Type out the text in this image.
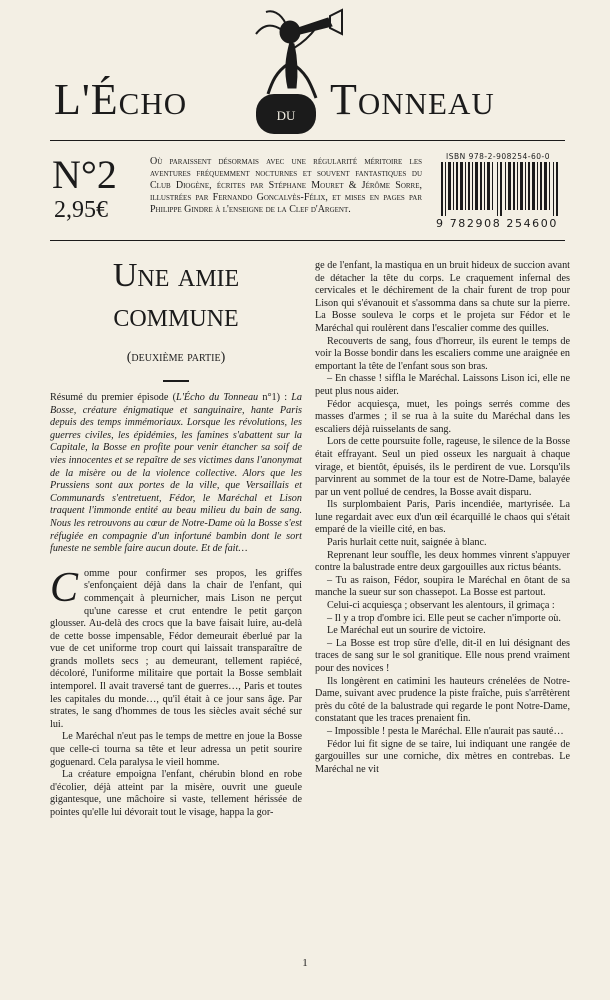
L'Écho	du Tonneau
N°2
2,95€
Où paraissent désormais avec une régularité méritoire les aventures fréquemment nocturnes et souvent fantastiques du Club Diogène, écrites par Stéphane Mouret & Jérôme Sorre, illustrées par Fernando Goncalvès-Félix, et mises en pages par Philippe Gindre à l'enseigne de la Clef d'Argent.
ISBN 978-2-908254-60-0
9 782908 254600
Une amie commune

(deuxième partie)

Résumé du premier épisode (L'Écho du Tonneau n°1) : La Bosse, créature énigmatique et sanguinaire, hante Paris depuis des temps immémoriaux. Lorsque les révolutions, les guerres civiles, les épidémies, les famines s'abattent sur la Capitale, la Bosse en profite pour venir étancher sa soif de vies innocentes et se repaître de ses victimes dans l'anonymat de la misère ou de la violence collective. Alors que les Prussiens sont aux portes de la ville, que Versaillais et Communards s'entretuent, Fédor, le Maréchal et Lison traquent l'immonde entité au beau milieu du bain de sang. Nous les retrouvons au cœur de Notre-Dame où la Bosse s'est réfugiée en compagnie d'un infortuné bambin dont le sort funeste ne semble faire aucun doute. Et de fait…

Comme pour confirmer ses propos, les griffes s'enfonçaient déjà dans la chair de l'enfant, qui commençait à pleurnicher, mais Lison ne perçut qu'une caresse et crut entendre le petit garçon glousser. Au-delà des crocs que la bave faisait luire, au-delà de cette bosse impensable, Fédor demeurait éberlué par la vue de cet uniforme trop court qui laissait transparaître de grands mollets secs ; au demeurant, tellement rapiécé, décoloré, l'uniforme militaire que portait la Bosse semblait intemporel. Il avait traversé tant de guerres…, Paris et toutes les capitales du monde…, qu'il était à ce jour sans âge. Par strates, le sang d'hommes de tous les siècles avait séché sur lui.

Le Maréchal n'eut pas le temps de mettre en joue la Bosse que celle-ci tourna sa tête et leur adressa un petit sourire goguenard. Cela paralysa le vieil homme.

La créature empoigna l'enfant, chérubin blond en robe d'écolier, déjà atteint par la misère, ouvrit une gueule gigantesque, une mâchoire si vaste, tellement hérissée de pointes qu'elle lui dévorait tout le visage, happa la gor-

ge de l'enfant, la mastiqua en un bruit hideux de succion avant de détacher la tête du corps. Le craquement infernal des cervicales et le déchirement de la chair furent de trop pour Lison qui s'évanouit et s'assomma dans sa chute sur la pierre. La Bosse souleva le corps et le projeta sur Fédor et le Maréchal qui roulèrent dans l'escalier comme des quilles.

Recouverts de sang, fous d'horreur, ils eurent le temps de voir la Bosse bondir dans les escaliers comme une araignée en emportant la tête de l'enfant sous son bras.

– En chasse ! siffla le Maréchal. Laissons Lison ici, elle ne peut plus nous aider.

Fédor acquiesça, muet, les poings serrés comme des masses d'armes ; il se rua à la suite du Maréchal dans les escaliers déjà ruisselants de sang.

Lors de cette poursuite folle, rageuse, le silence de la Bosse était effrayant. Seul un pied osseux les narguait à chaque virage, et bientôt, épuisés, ils le perdirent de vue. Lorsqu'ils parvinrent au sommet de la tour est de Notre-Dame, balayée par un vent pollué de cendres, la Bosse avait disparu.

Ils surplombaient Paris, Paris incendiée, martyrisée. La lune regardait avec eux d'un œil écarquillé le chaos qui s'était emparé de la vieille cité, en bas.

Paris hurlait cette nuit, saignée à blanc.

Reprenant leur souffle, les deux hommes vinrent s'appuyer contre la balustrade entre deux gargouilles aux rictus béants.

– Tu as raison, Fédor, soupira le Maréchal en ôtant de sa manche la sueur sur son chassepot. La Bosse est partout.

Celui-ci acquiesça ; observant les alentours, il grimaça :

– Il y a trop d'ombre ici. Elle peut se cacher n'importe où.

Le Maréchal eut un sourire de victoire.

– La Bosse est trop sûre d'elle, dit-il en lui désignant des traces de sang sur le sol granitique. Elle nous prend vraiment pour des novices !

Ils longèrent en catimini les hauteurs crénelées de Notre-Dame, suivant avec prudence la piste fraîche, puis s'arrêtèrent près du côté de la balustrade qui regarde le pont Notre-Dame, constatant que les traces prenaient fin.

– Impossible ! pesta le Maréchal. Elle n'aurait pas sauté…

Fédor lui fit signe de se taire, lui indiquant une rangée de gargouilles sur une corniche, dix mètres en contrebas. Le Maréchal ne vit

1
